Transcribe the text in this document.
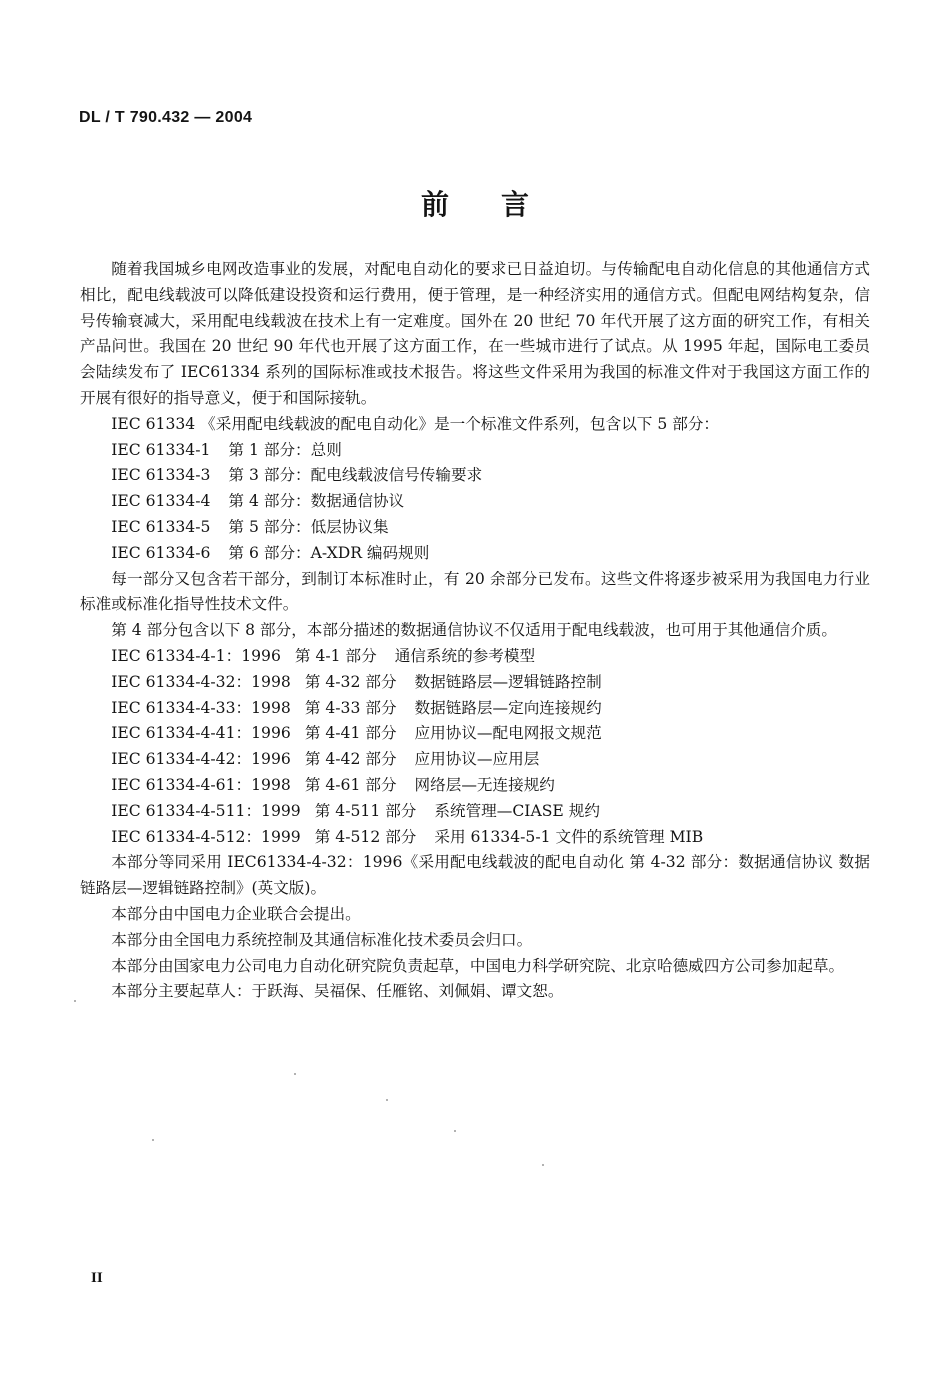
DL / T 790.432 — 2004
前言

随着我国城乡电网改造事业的发展，对配电自动化的要求已日益迫切。与传输配电自动化信息的其他通信方式相比，配电线载波可以降低建设投资和运行费用，便于管理，是一种经济实用的通信方式。但配电网结构复杂，信号传输衰减大，采用配电线载波在技术上有一定难度。国外在 20 世纪 70 年代开展了这方面的研究工作，有相关产品问世。我国在 20 世纪 90 年代也开展了这方面工作，在一些城市进行了试点。从 1995 年起，国际电工委员会陆续发布了 IEC61334 系列的国际标准或技术报告。将这些文件采用为我国的标准文件对于我国这方面工作的开展有很好的指导意义，便于和国际接轨。

IEC 61334 《采用配电线载波的配电自动化》是一个标准文件系列，包含以下 5 部分：

IEC 61334-1 第 1 部分：总则

IEC 61334-3 第 3 部分：配电线载波信号传输要求

IEC 61334-4 第 4 部分：数据通信协议

IEC 61334-5 第 5 部分：低层协议集

IEC 61334-6 第 6 部分：A-XDR 编码规则

每一部分又包含若干部分，到制订本标准时止，有 20 余部分已发布。这些文件将逐步被采用为我国电力行业标准或标准化指导性技术文件。

第 4 部分包含以下 8 部分，本部分描述的数据通信协议不仅适用于配电线载波，也可用于其他通信介质。

IEC 61334-4-1：1996 第 4-1 部分 通信系统的参考模型

IEC 61334-4-32：1998 第 4-32 部分 数据链路层—逻辑链路控制

IEC 61334-4-33：1998 第 4-33 部分 数据链路层—定向连接规约

IEC 61334-4-41：1996 第 4-41 部分 应用协议—配电网报文规范

IEC 61334-4-42：1996 第 4-42 部分 应用协议—应用层

IEC 61334-4-61：1998 第 4-61 部分 网络层—无连接规约

IEC 61334-4-511：1999 第 4-511 部分 系统管理—CIASE 规约

IEC 61334-4-512：1999 第 4-512 部分 采用 61334-5-1 文件的系统管理 MIB

本部分等同采用 IEC61334-4-32：1996《采用配电线载波的配电自动化 第 4-32 部分：数据通信协议 数据链路层—逻辑链路控制》(英文版)。

本部分由中国电力企业联合会提出。

本部分由全国电力系统控制及其通信标准化技术委员会归口。

本部分由国家电力公司电力自动化研究院负责起草，中国电力科学研究院、北京哈德威四方公司参加起草。

本部分主要起草人：于跃海、吴福保、任雁铭、刘佩娟、谭文恕。

II
